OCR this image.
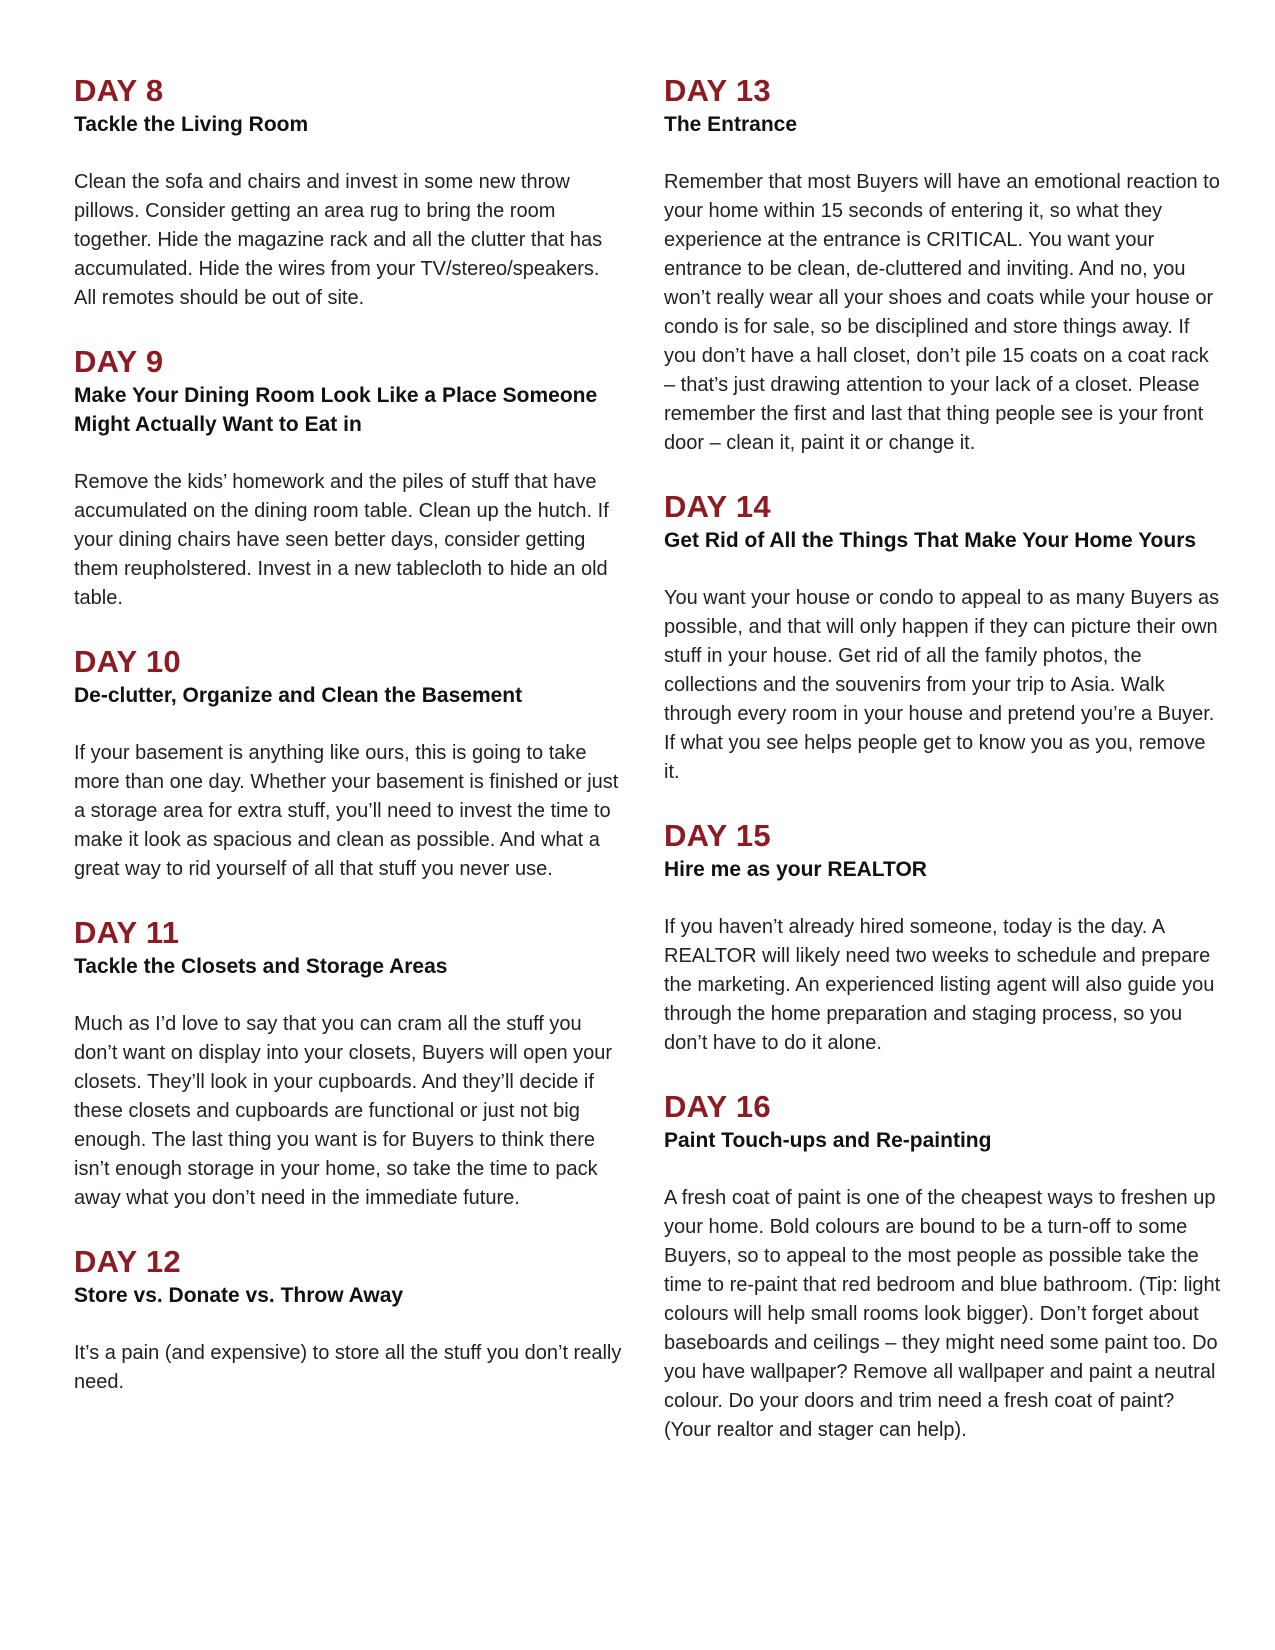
DAY 8
Tackle the Living Room

Clean the sofa and chairs and invest in some new throw pillows. Consider getting an area rug to bring the room together. Hide the magazine rack and all the clutter that has accumulated. Hide the wires from your TV/stereo/speakers. All remotes should be out of site.

DAY 9
Make Your Dining Room Look Like a Place Someone Might Actually Want to Eat in

Remove the kids’ homework and the piles of stuff that have accumulated on the dining room table. Clean up the hutch. If your dining chairs have seen better days, consider getting them reupholstered. Invest in a new tablecloth to hide an old table.

DAY 10
De-clutter, Organize and Clean the Basement

If your basement is anything like ours, this is going to take more than one day. Whether your basement is finished or just a storage area for extra stuff, you’ll need to invest the time to make it look as spacious and clean as possible. And what a great way to rid yourself of all that stuff you never use.

DAY 11
Tackle the Closets and Storage Areas

Much as I’d love to say that you can cram all the stuff you don’t want on display into your closets, Buyers will open your closets. They’ll look in your cupboards. And they’ll decide if these closets and cupboards are functional or just not big enough. The last thing you want is for Buyers to think there isn’t enough storage in your home, so take the time to pack away what you don’t need in the immediate future.

DAY 12
Store vs. Donate vs. Throw Away

It’s a pain (and expensive) to store all the stuff you don’t really need.

DAY 13
The Entrance

Remember that most Buyers will have an emotional reaction to your home within 15 seconds of entering it, so what they experience at the entrance is CRITICAL. You want your entrance to be clean, de-cluttered and inviting. And no, you won’t really wear all your shoes and coats while your house or condo is for sale, so be disciplined and store things away. If you don’t have a hall closet, don’t pile 15 coats on a coat rack – that’s just drawing attention to your lack of a closet. Please remember the first and last that thing people see is your front door – clean it, paint it or change it.

DAY 14
Get Rid of All the Things That Make Your Home Yours

You want your house or condo to appeal to as many Buyers as possible, and that will only happen if they can picture their own stuff in your house. Get rid of all the family photos, the collections and the souvenirs from your trip to Asia. Walk through every room in your house and pretend you’re a Buyer. If what you see helps people get to know you as you, remove it.

DAY 15
Hire me as your REALTOR

If you haven’t already hired someone, today is the day. A REALTOR will likely need two weeks to schedule and prepare the marketing. An experienced listing agent will also guide you through the home preparation and staging process, so you don’t have to do it alone.

DAY 16
Paint Touch-ups and Re-painting

A fresh coat of paint is one of the cheapest ways to freshen up your home. Bold colours are bound to be a turn-off to some Buyers, so to appeal to the most people as possible take the time to re-paint that red bedroom and blue bathroom. (Tip: light colours will help small rooms look bigger). Don’t forget about baseboards and ceilings – they might need some paint too. Do you have wallpaper? Remove all wallpaper and paint a neutral colour. Do your doors and trim need a fresh coat of paint? (Your realtor and stager can help).
